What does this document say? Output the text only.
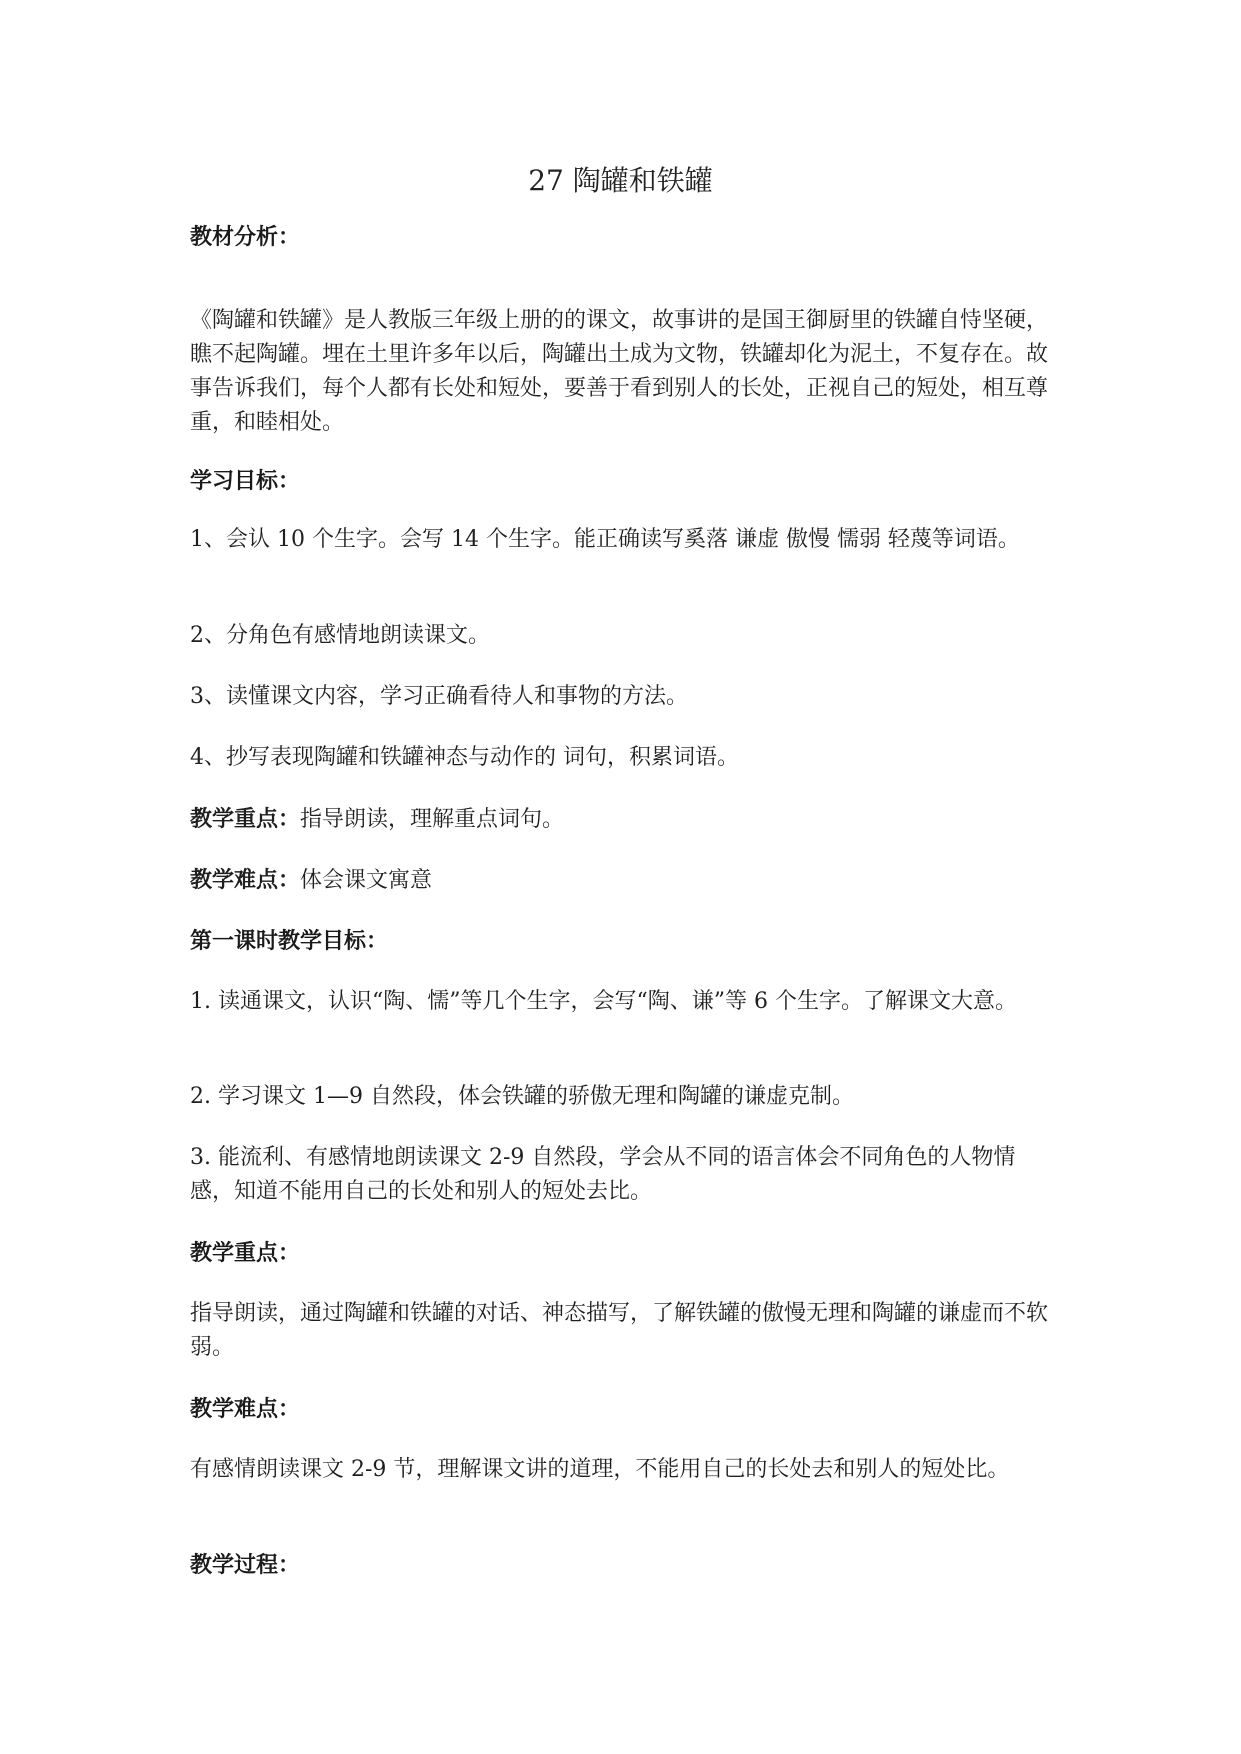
27 陶罐和铁罐

教材分析：

《陶罐和铁罐》是人教版三年级上册的的课文，故事讲的是国王御厨里的铁罐自恃坚硬，瞧不起陶罐。埋在土里许多年以后，陶罐出土成为文物，铁罐却化为泥土，不复存在。故事告诉我们，每个人都有长处和短处，要善于看到别人的长处，正视自己的短处，相互尊重，和睦相处。

学习目标：

1、会认 10 个生字。会写 14 个生字。能正确读写奚落 谦虚 傲慢 懦弱 轻蔑等词语。

2、分角色有感情地朗读课文。

3、读懂课文内容，学习正确看待人和事物的方法。

4、抄写表现陶罐和铁罐神态与动作的 词句，积累词语。

教学重点：指导朗读，理解重点词句。

教学难点：体会课文寓意

第一课时教学目标：

1. 读通课文，认识“陶、懦”等几个生字，会写“陶、谦”等 6 个生字。了解课文大意。

2. 学习课文 1—9 自然段，体会铁罐的骄傲无理和陶罐的谦虚克制。

3. 能流利、有感情地朗读课文 2-9 自然段，学会从不同的语言体会不同角色的人物情感，知道不能用自己的长处和别人的短处去比。

教学重点：

指导朗读，通过陶罐和铁罐的对话、神态描写，了解铁罐的傲慢无理和陶罐的谦虚而不软弱。

教学难点：

有感情朗读课文 2-9 节，理解课文讲的道理，不能用自己的长处去和别人的短处比。

教学过程：
